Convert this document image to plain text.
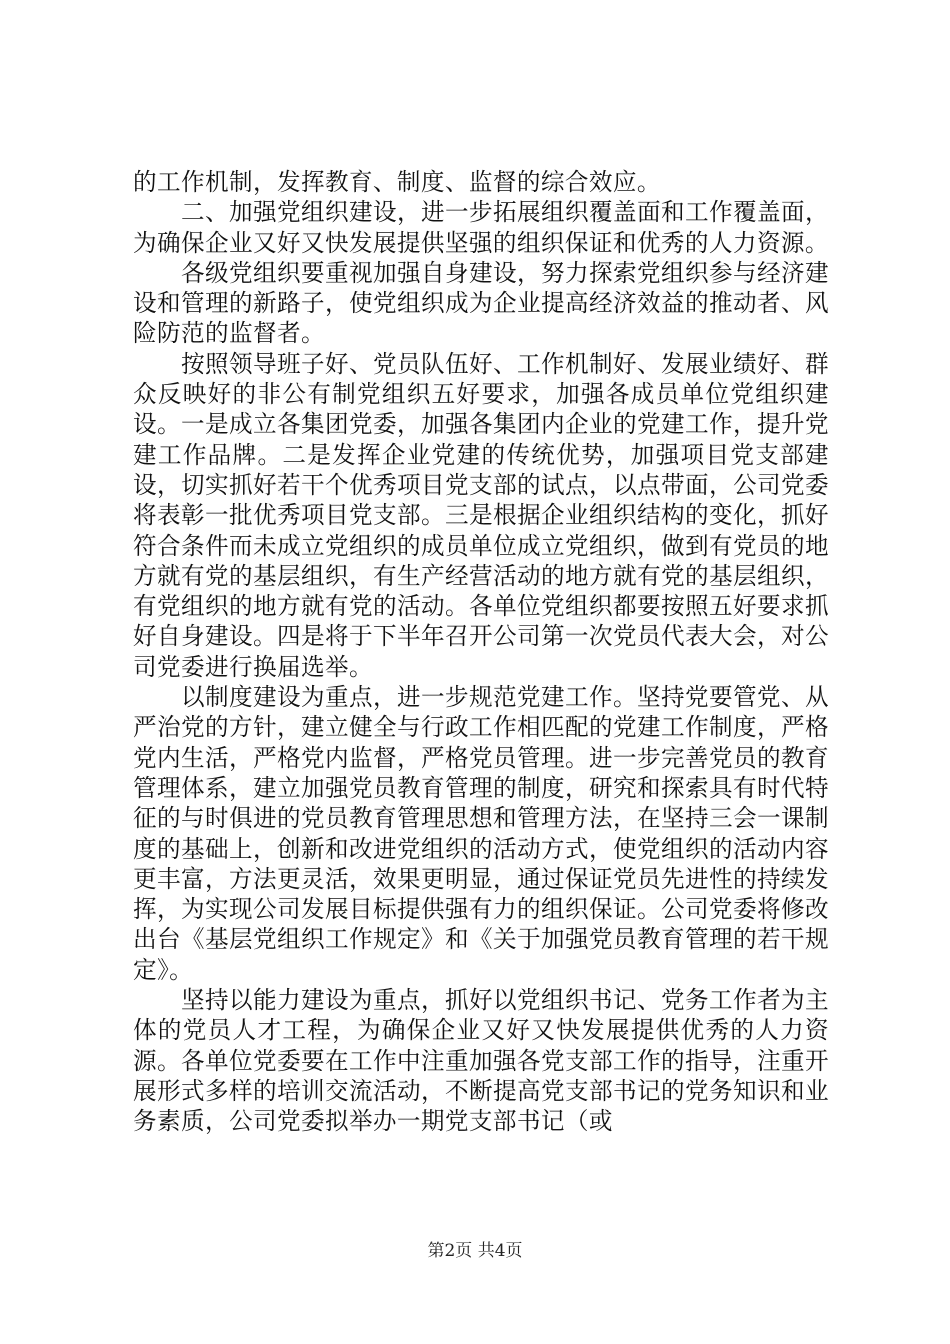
的工作机制，发挥教育、制度、监督的综合效应。

二、加强党组织建设，进一步拓展组织覆盖面和工作覆盖面，为确保企业又好又快发展提供坚强的组织保证和优秀的人力资源。

各级党组织要重视加强自身建设，努力探索党组织参与经济建设和管理的新路子，使党组织成为企业提高经济效益的推动者、风险防范的监督者。

按照领导班子好、党员队伍好、工作机制好、发展业绩好、群众反映好的非公有制党组织五好要求，加强各成员单位党组织建设。一是成立各集团党委，加强各集团内企业的党建工作，提升党建工作品牌。二是发挥企业党建的传统优势，加强项目党支部建设，切实抓好若干个优秀项目党支部的试点，以点带面，公司党委将表彰一批优秀项目党支部。三是根据企业组织结构的变化，抓好符合条件而未成立党组织的成员单位成立党组织，做到有党员的地方就有党的基层组织，有生产经营活动的地方就有党的基层组织，有党组织的地方就有党的活动。各单位党组织都要按照五好要求抓好自身建设。四是将于下半年召开公司第一次党员代表大会，对公司党委进行换届选举。

以制度建设为重点，进一步规范党建工作。坚持党要管党、从严治党的方针，建立健全与行政工作相匹配的党建工作制度，严格党内生活，严格党内监督，严格党员管理。进一步完善党员的教育管理体系，建立加强党员教育管理的制度，研究和探索具有时代特征的与时俱进的党员教育管理思想和管理方法，在坚持三会一课制度的基础上，创新和改进党组织的活动方式，使党组织的活动内容更丰富，方法更灵活，效果更明显，通过保证党员先进性的持续发挥，为实现公司发展目标提供强有力的组织保证。公司党委将修改出台《基层党组织工作规定》和《关于加强党员教育管理的若干规定》。

坚持以能力建设为重点，抓好以党组织书记、党务工作者为主体的党员人才工程，为确保企业又好又快发展提供优秀的人力资源。各单位党委要在工作中注重加强各党支部工作的指导，注重开展形式多样的培训交流活动，不断提高党支部书记的党务知识和业务素质，公司党委拟举办一期党支部书记（或

第2页 共4页
